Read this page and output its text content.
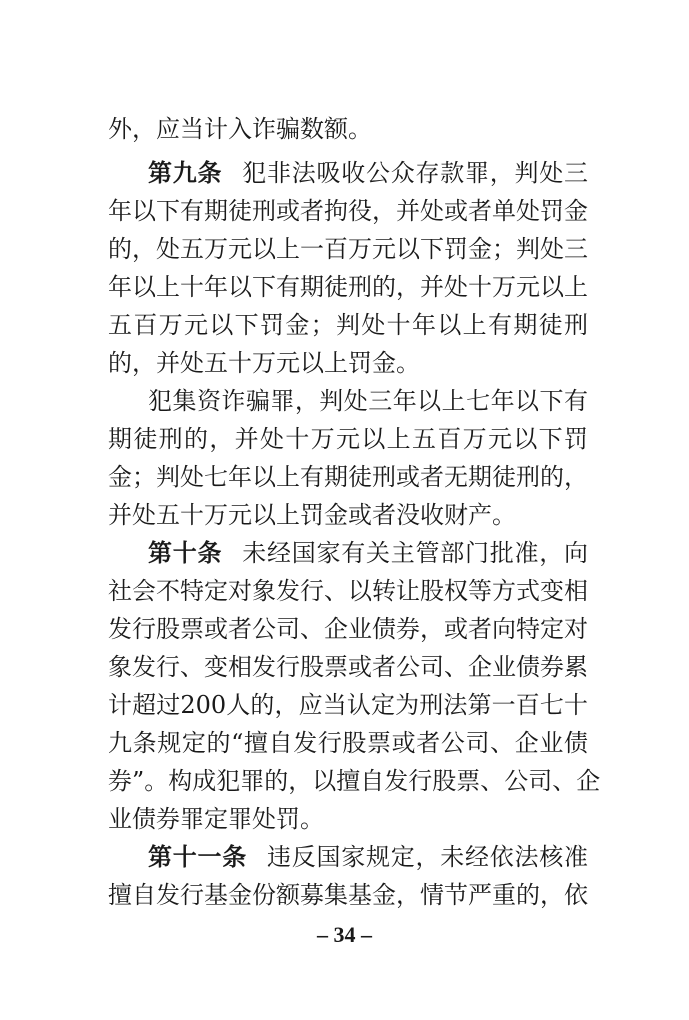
外，应当计入诈骗数额。
第九条 犯非法吸收公众存款罪，判处三
年以下有期徒刑或者拘役，并处或者单处罚金
的，处五万元以上一百万元以下罚金；判处三
年以上十年以下有期徒刑的，并处十万元以上
五百万元以下罚金；判处十年以上有期徒刑
的，并处五十万元以上罚金。
犯集资诈骗罪，判处三年以上七年以下有
期徒刑的，并处十万元以上五百万元以下罚
金；判处七年以上有期徒刑或者无期徒刑的，
并处五十万元以上罚金或者没收财产。
第十条 未经国家有关主管部门批准，向
社会不特定对象发行、以转让股权等方式变相
发行股票或者公司、企业债券，或者向特定对
象发行、变相发行股票或者公司、企业债券累
计超过200人的，应当认定为刑法第一百七十
九条规定的“擅自发行股票或者公司、企业债
券”。构成犯罪的，以擅自发行股票、公司、企
业债券罪定罪处罚。
第十一条 违反国家规定，未经依法核准
擅自发行基金份额募集基金，情节严重的，依
– 34 –
